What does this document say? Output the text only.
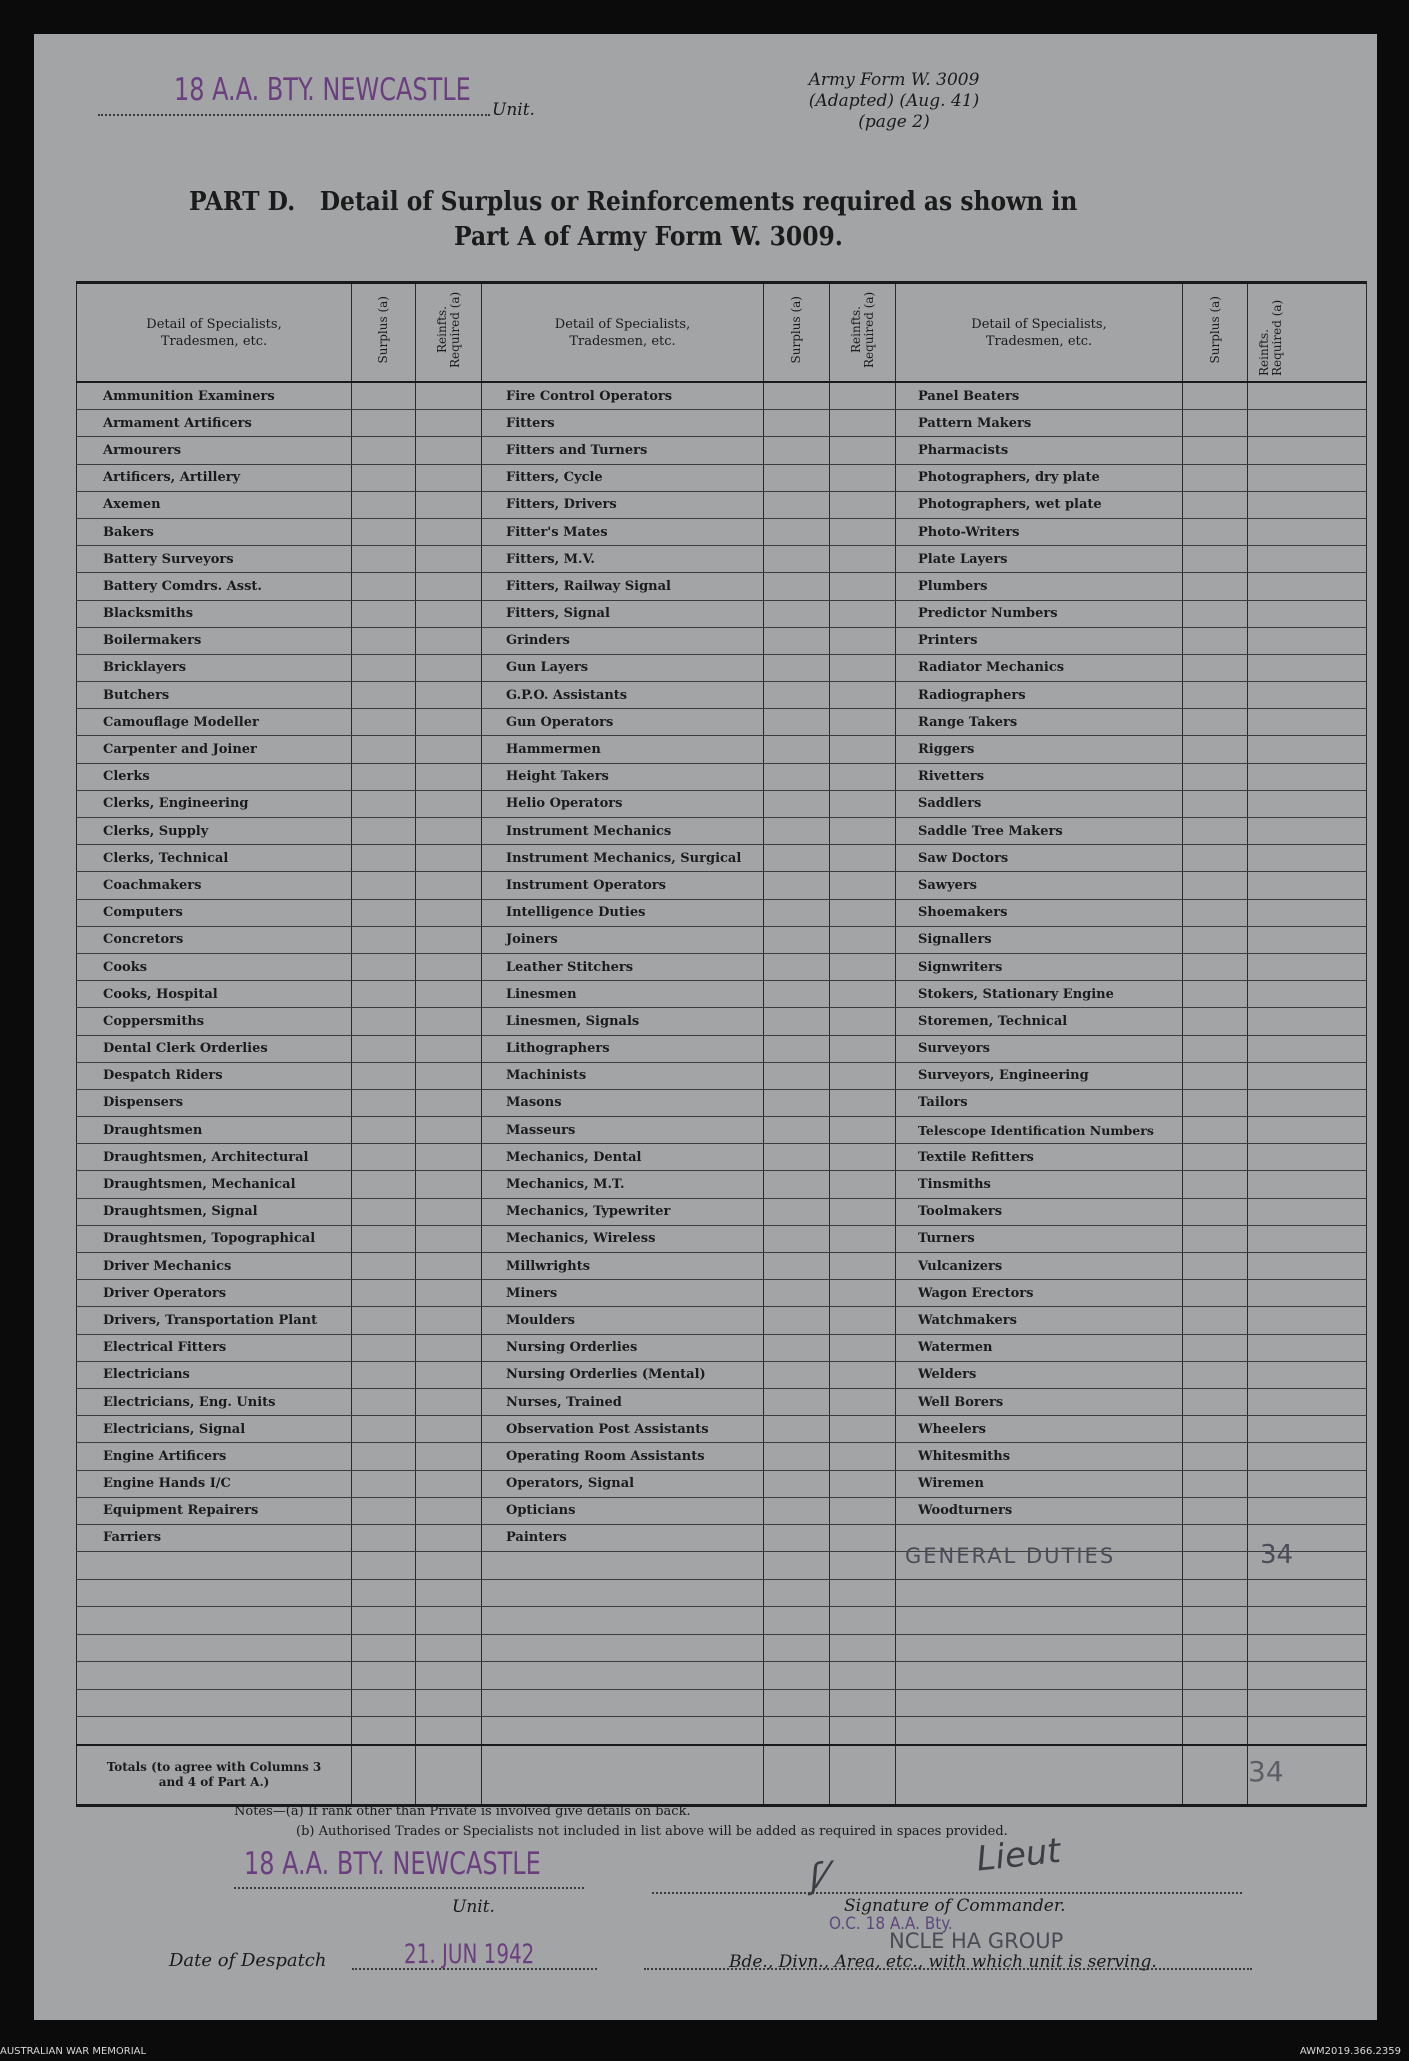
18 A.A. BTY. NEWCASTLE
Unit.
Army Form W. 3009
(Adapted) (Aug. 41)
(page 2)
PART D. Detail of Surplus or Reinforcements required as shown in
Part A of Army Form W. 3009.
Detail of Specialists, Tradesmen, etc.	Surplus (a)	Reinfts. Required (a)	Detail of Specialists, Tradesmen, etc.	Surplus (a)	Reinfts. Required (a)	Detail of Specialists, Tradesmen, etc.	Surplus (a)	Reinfts. Required (a)
Ammunition Examiners			Fire Control Operators			Panel Beaters		
Armament Artificers			Fitters			Pattern Makers		
Armourers			Fitters and Turners			Pharmacists		
Artificers, Artillery			Fitters, Cycle			Photographers, dry plate		
Axemen			Fitters, Drivers			Photographers, wet plate		
Bakers			Fitter's Mates			Photo-Writers		
Battery Surveyors			Fitters, M.V.			Plate Layers		
Battery Comdrs. Asst.			Fitters, Railway Signal			Plumbers		
Blacksmiths			Fitters, Signal			Predictor Numbers		
Boilermakers			Grinders			Printers		
Bricklayers			Gun Layers			Radiator Mechanics		
Butchers			G.P.O. Assistants			Radiographers		
Camouflage Modeller			Gun Operators			Range Takers		
Carpenter and Joiner			Hammermen			Riggers		
Clerks			Height Takers			Rivetters		
Clerks, Engineering			Helio Operators			Saddlers		
Clerks, Supply			Instrument Mechanics			Saddle Tree Makers		
Clerks, Technical			Instrument Mechanics, Surgical			Saw Doctors		
Coachmakers			Instrument Operators			Sawyers		
Computers			Intelligence Duties			Shoemakers		
Concretors			Joiners			Signallers		
Cooks			Leather Stitchers			Signwriters		
Cooks, Hospital			Linesmen			Stokers, Stationary Engine		
Coppersmiths			Linesmen, Signals			Storemen, Technical		
Dental Clerk Orderlies			Lithographers			Surveyors		
Despatch Riders			Machinists			Surveyors, Engineering		
Dispensers			Masons			Tailors		
Draughtsmen			Masseurs			Telescope Identification Numbers		

Draughtsmen, Architectural			Mechanics, Dental			Textile Refitters		
Draughtsmen, Mechanical			Mechanics, M.T.			Tinsmiths		
Draughtsmen, Signal			Mechanics, Typewriter			Toolmakers		
Draughtsmen, Topographical			Mechanics, Wireless			Turners		
Driver Mechanics			Millwrights			Vulcanizers		
Driver Operators			Miners			Wagon Erectors		
Drivers, Transportation Plant			Moulders			Watchmakers		
Electrical Fitters			Nursing Orderlies			Watermen		
Electricians			Nursing Orderlies (Mental)			Welders		
Electricians, Eng. Units			Nurses, Trained			Well Borers		
Electricians, Signal			Observation Post Assistants			Wheelers		
Engine Artificers			Operating Room Assistants			Whitesmiths		
Engine Hands I/C			Operators, Signal			Wiremen		
Equipment Repairers			Opticians			Woodturners		
Farriers			Painters					

Totals (to agree with Columns 3 and 4 of Part A.)								34
Notes—(a) If rank other than Private is involved give details on back.
(b) Authorised Trades or Specialists not included in list above will be added as required in spaces provided.
18 A.A. BTY. NEWCASTLE
Unit.
ʃ⁄	Lieut
Signature of Commander.
O.C. 18 A.A. Bty.
NCLE HA GROUP
Date of Despatch	21. JUN 1942	Bde., Divn., Area, etc., with which unit is serving.
GENERAL DUTIES	34
AUSTRALIAN WAR MEMORIAL	AWM2019.366.2359
